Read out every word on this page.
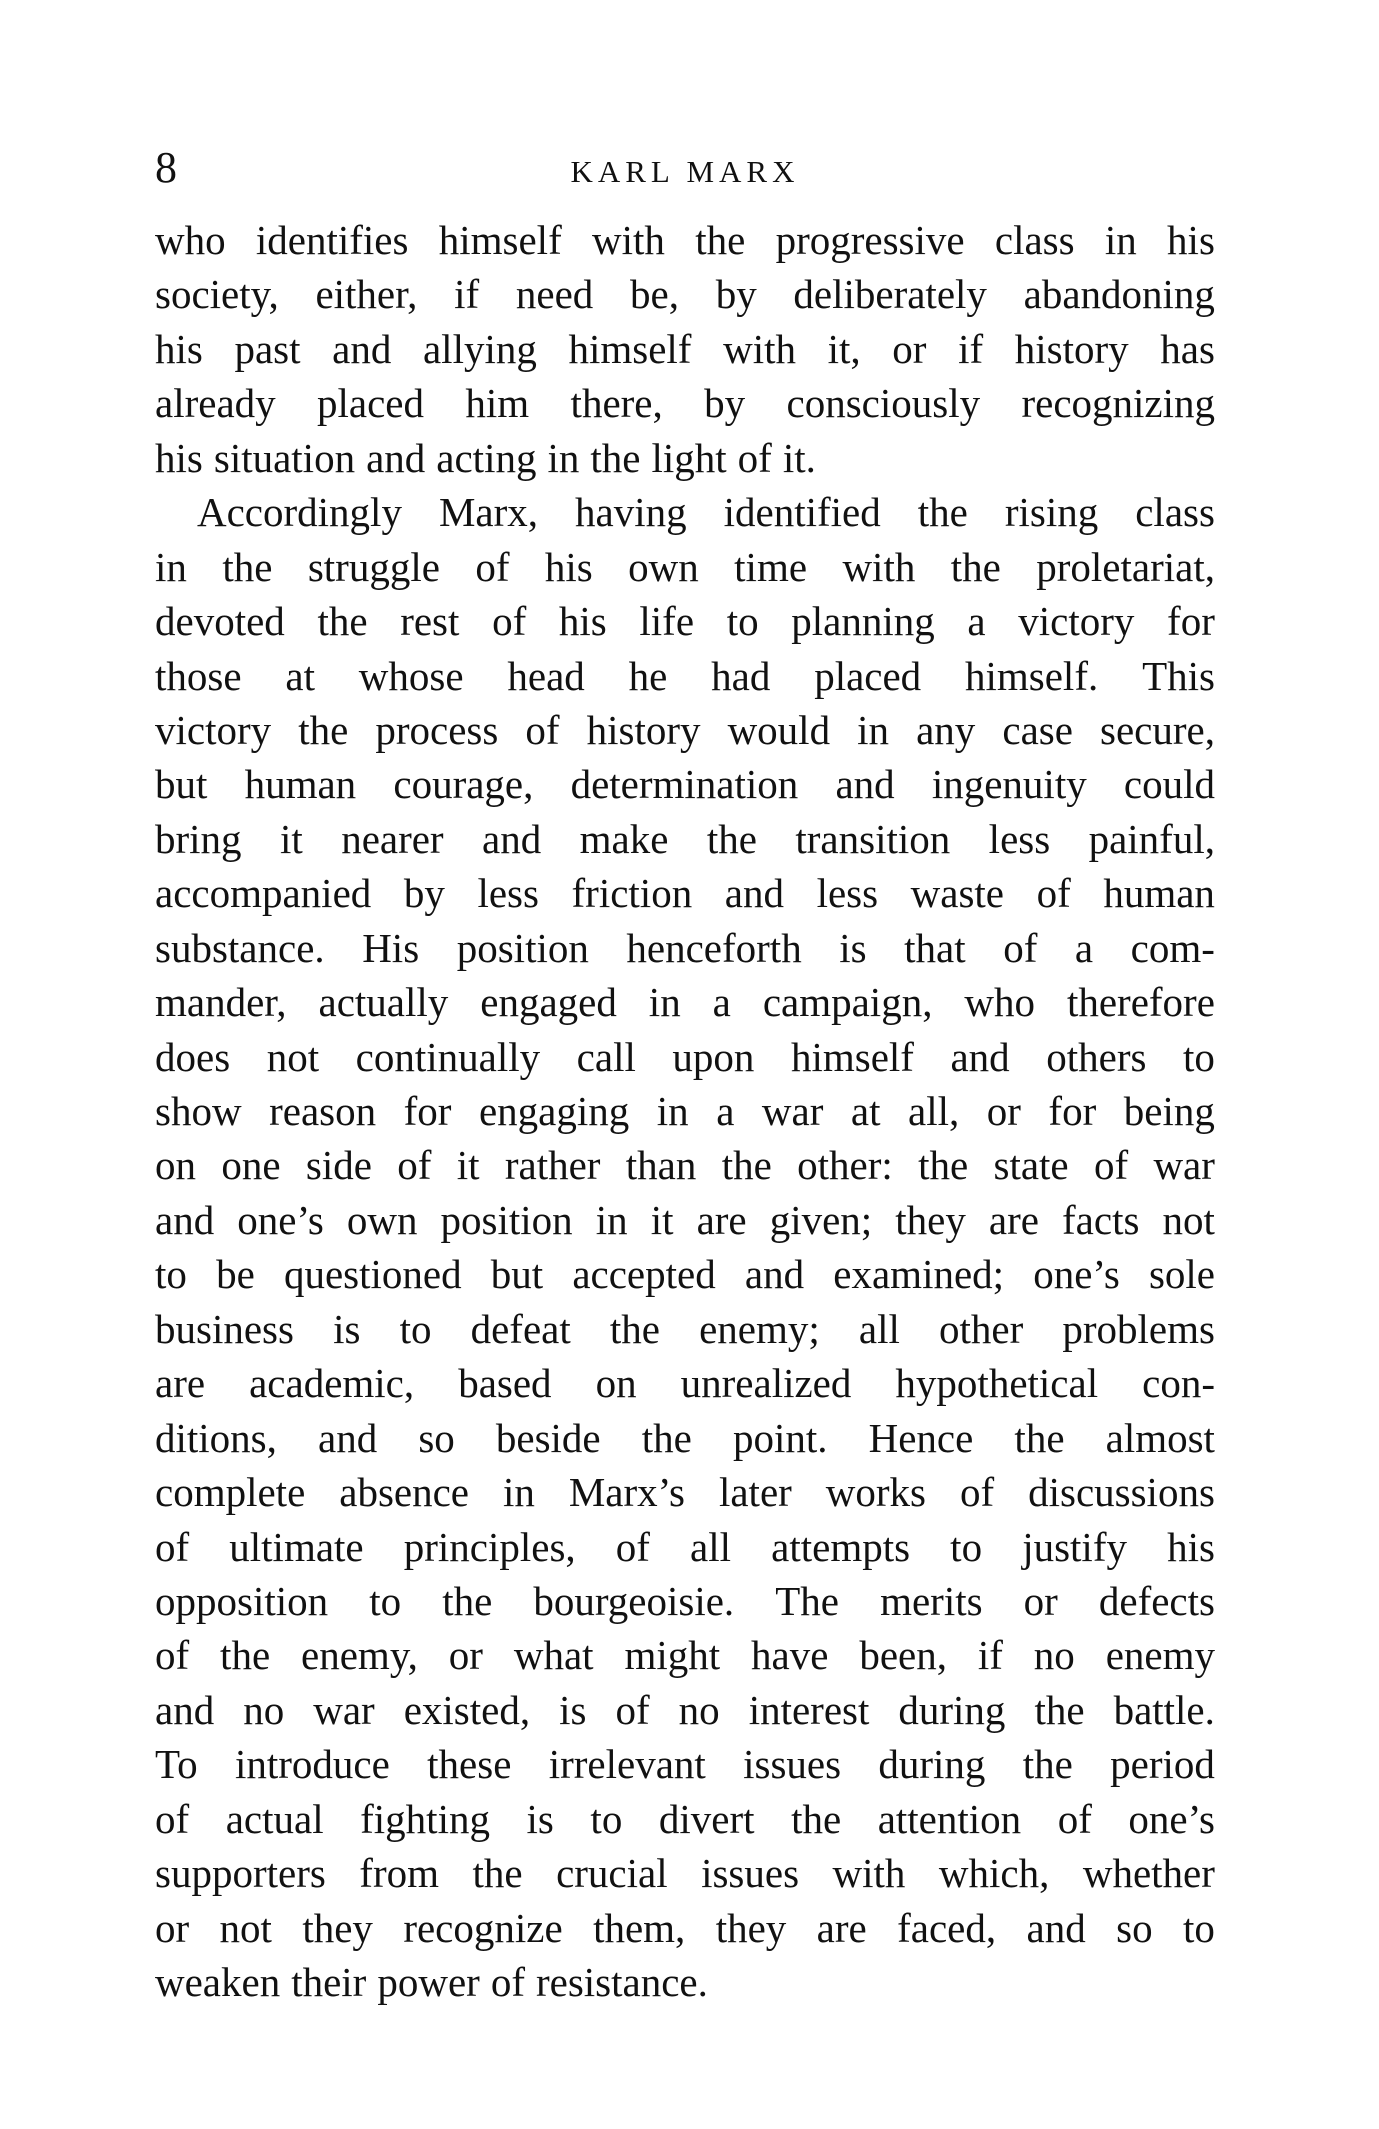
8	KARL MARX
who identifies himself with the progressive class in his
society, either, if need be, by deliberately abandoning
his past and allying himself with it, or if history has
already placed him there, by consciously recognizing
his situation and acting in the light of it.
Accordingly Marx, having identified the rising class
in the struggle of his own time with the proletariat,
devoted the rest of his life to planning a victory for
those at whose head he had placed himself. This
victory the process of history would in any case secure,
but human courage, determination and ingenuity could
bring it nearer and make the transition less painful,
accompanied by less friction and less waste of human
substance. His position henceforth is that of a com-
mander, actually engaged in a campaign, who therefore
does not continually call upon himself and others to
show reason for engaging in a war at all, or for being
on one side of it rather than the other: the state of war
and one’s own position in it are given; they are facts not
to be questioned but accepted and examined; one’s sole
business is to defeat the enemy; all other problems
are academic, based on unrealized hypothetical con-
ditions, and so beside the point. Hence the almost
complete absence in Marx’s later works of discussions
of ultimate principles, of all attempts to justify his
opposition to the bourgeoisie. The merits or defects
of the enemy, or what might have been, if no enemy
and no war existed, is of no interest during the battle.
To introduce these irrelevant issues during the period
of actual fighting is to divert the attention of one’s
supporters from the crucial issues with which, whether
or not they recognize them, they are faced, and so to
weaken their power of resistance.
